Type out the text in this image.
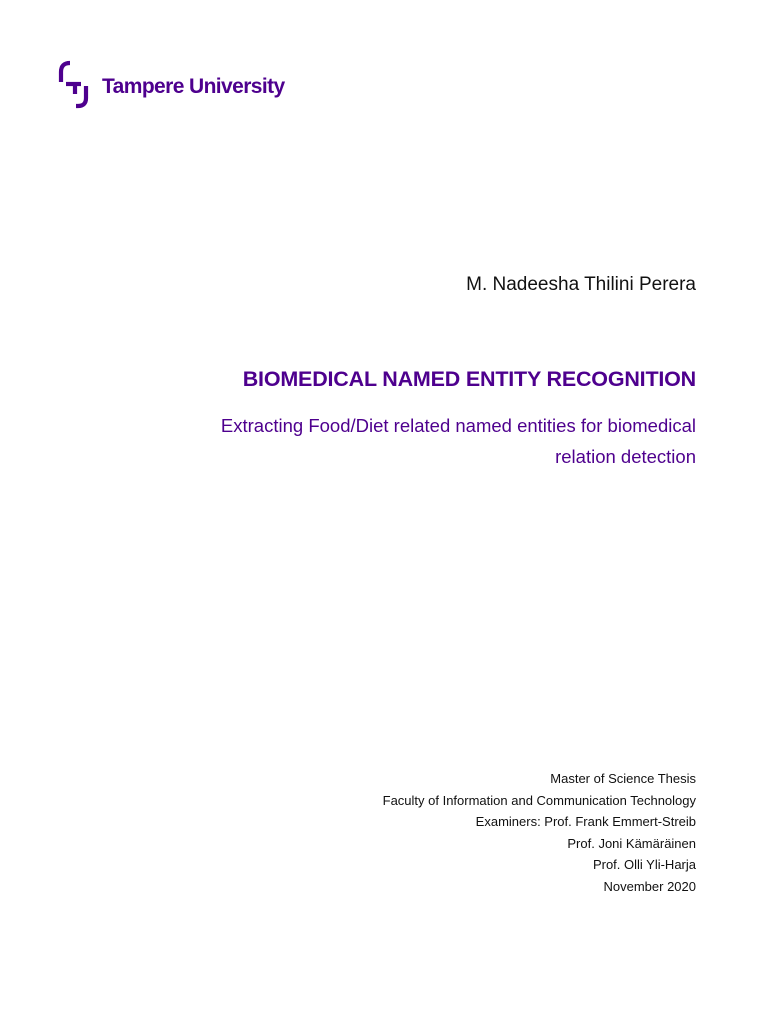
Tampere University
M. Nadeesha Thilini Perera
BIOMEDICAL NAMED ENTITY RECOGNITION
Extracting Food/Diet related named entities for biomedical
relation detection
Master of Science Thesis
Faculty of Information and Communication Technology
Examiners: Prof. Frank Emmert-Streib
Prof. Joni Kämäräinen
Prof. Olli Yli-Harja
November 2020
